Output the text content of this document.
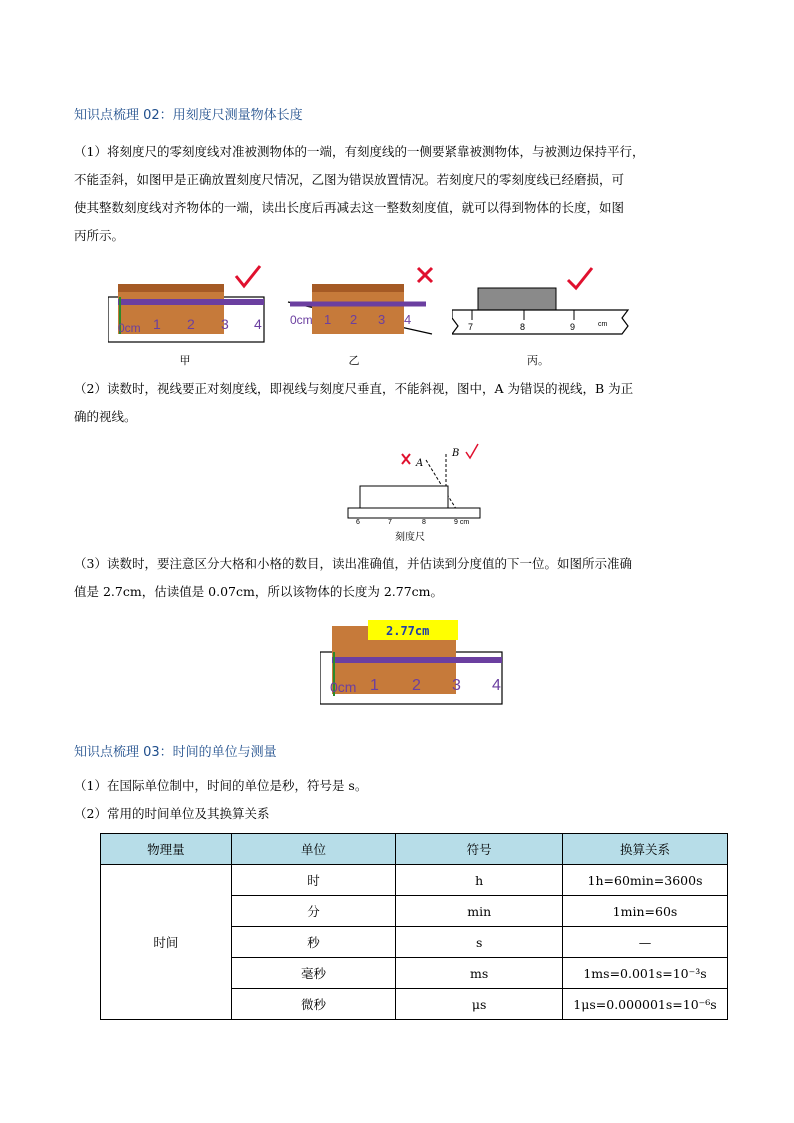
知识点梳理 02：用刻度尺测量物体长度
（1）将刻度尺的零刻度线对准被测物体的一端，有刻度线的一侧要紧靠被测物体，与被测边保持平行，
不能歪斜，如图甲是正确放置刻度尺情况，乙图为错误放置情况。若刻度尺的零刻度线已经磨损，可
使其整数刻度线对齐物体的一端，读出长度后再减去这一整数刻度值，就可以得到物体的长度，如图
丙所示。
0cm 1 2 3 4
甲
0cm 1 2 3 4
乙
7	8	9	cm
丙。
（2）读数时，视线要正对刻度线，即视线与刻度尺垂直，不能斜视，图中，A 为错误的视线，B 为正
确的视线。
A
B
6	7	8	9 cm
刻度尺
（3）读数时，要注意区分大格和小格的数目，读出准确值，并估读到分度值的下一位。如图所示准确
值是 2.7cm，估读值是 0.07cm，所以该物体的长度为 2.77cm。
2.77cm
0cm 1 2 3 4
知识点梳理 03：时间的单位与测量
（1）在国际单位制中，时间的单位是秒，符号是 s。
（2）常用的时间单位及其换算关系
物理量	单位	符号	换算关系
时间	时	h	1h=60min=3600s
	分	min	1min=60s
	秒	s	—
	毫秒	ms	1ms=0.001s=10⁻³s
	微秒	μs	1μs=0.000001s=10⁻⁶s
